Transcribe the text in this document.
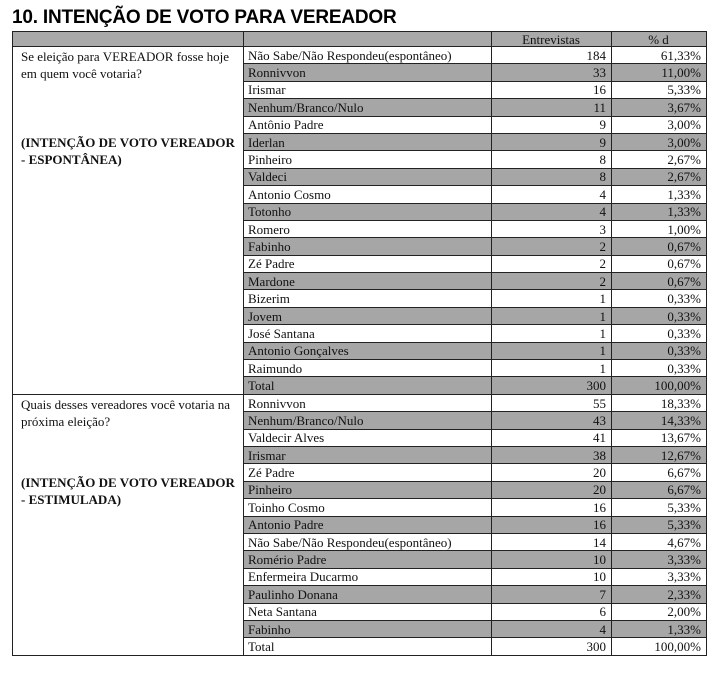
10. INTENÇÃO DE VOTO PARA VEREADOR
		Entrevistas	% d

Se eleição para VEREADOR fosse hoje em quem você votaria?
(INTENÇÃO DE VOTO VEREADOR - ESPONTÂNEA)	Não Sabe/Não Respondeu(espontâneo)	184	61,33%
	Ronnivvon	33	11,00%
	Irismar	16	5,33%
	Nenhum/Branco/Nulo	11	3,67%
	Antônio Padre	9	3,00%
	Iderlan	9	3,00%
	Pinheiro	8	2,67%
	Valdeci	8	2,67%
	Antonio Cosmo	4	1,33%
	Totonho	4	1,33%
	Romero	3	1,00%
	Fabinho	2	0,67%
	Zé Padre	2	0,67%
	Mardone	2	0,67%
	Bizerim	1	0,33%
	Jovem	1	0,33%
	José Santana	1	0,33%
	Antonio Gonçalves	1	0,33%
	Raimundo	1	0,33%
	Total	300	100,00%

Quais desses vereadores você votaria na próxima eleição?
(INTENÇÃO DE VOTO VEREADOR - ESTIMULADA)	Ronnivvon	55	18,33%
	Nenhum/Branco/Nulo	43	14,33%
	Valdecir Alves	41	13,67%
	Irismar	38	12,67%
	Zé Padre	20	6,67%
	Pinheiro	20	6,67%
	Toinho Cosmo	16	5,33%
	Antonio Padre	16	5,33%
	Não Sabe/Não Respondeu(espontâneo)	14	4,67%
	Romério Padre	10	3,33%
	Enfermeira Ducarmo	10	3,33%
	Paulinho Donana	7	2,33%
	Neta Santana	6	2,00%
	Fabinho	4	1,33%
	Total	300	100,00%
